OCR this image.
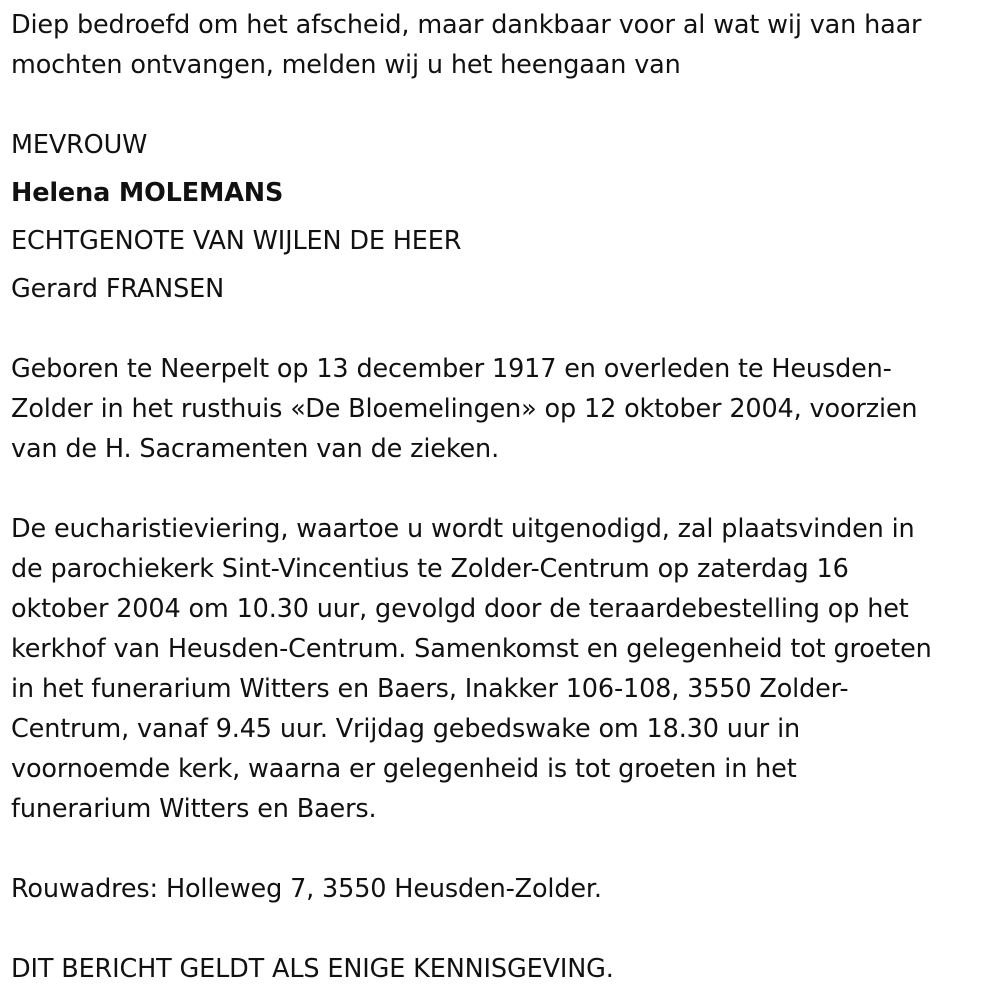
Diep bedroefd om het afscheid, maar dankbaar voor al wat wij van haar
mochten ontvangen, melden wij u het heengaan van
MEVROUW
Helena MOLEMANS
ECHTGENOTE VAN WIJLEN DE HEER
Gerard FRANSEN
Geboren te Neerpelt op 13 december 1917 en overleden te Heusden-
Zolder in het rusthuis «De Bloemelingen» op 12 oktober 2004, voorzien
van de H. Sacramenten van de zieken.
De eucharistieviering, waartoe u wordt uitgenodigd, zal plaatsvinden in
de parochiekerk Sint-Vincentius te Zolder-Centrum op zaterdag 16
oktober 2004 om 10.30 uur, gevolgd door de teraardebestelling op het
kerkhof van Heusden-Centrum. Samenkomst en gelegenheid tot groeten
in het funerarium Witters en Baers, Inakker 106-108, 3550 Zolder-
Centrum, vanaf 9.45 uur. Vrijdag gebedswake om 18.30 uur in
voornoemde kerk, waarna er gelegenheid is tot groeten in het
funerarium Witters en Baers.
Rouwadres: Holleweg 7, 3550 Heusden-Zolder.
DIT BERICHT GELDT ALS ENIGE KENNISGEVING.
